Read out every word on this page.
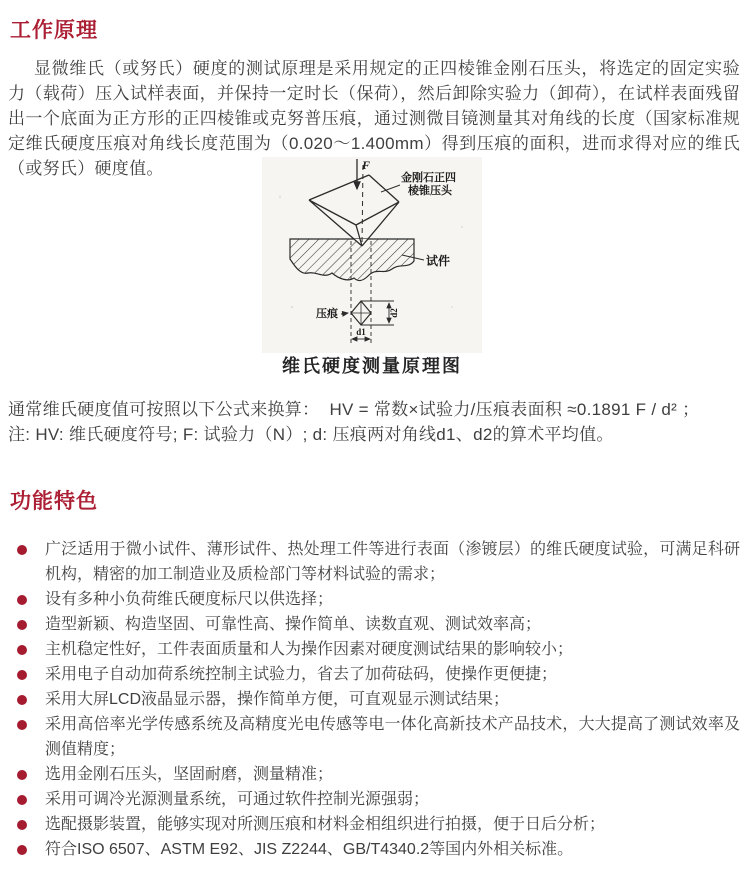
工作原理

显微维氏（或努氏）硬度的测试原理是采用规定的正四棱锥金刚石压头，将选定的固定实验力（载荷）压入试样表面，并保持一定时长（保荷），然后卸除实验力（卸荷），在试样表面残留出一个底面为正方形的正四棱锥或克努普压痕，通过测微目镜测量其对角线的长度（国家标准规定维氏硬度压痕对角线长度范围为（0.020～1.400mm）得到压痕的面积，进而求得对应的维氏（或努氏）硬度值。	F
金刚石正四
棱锥压头
试件
压痕	d2
d1
维氏硬度测量原理图
通常维氏硬度值可按照以下公式来换算：  HV = 常数×试验力/压痕表面积 ≈0.1891 F / d² ；
注: HV: 维氏硬度符号; F: 试验力（N）; d: 压痕两对角线d1、d2的算术平均值。
功能特色
广泛适用于微小试件、薄形试件、热处理工件等进行表面（渗镀层）的维氏硬度试验，可满足科研机构，精密的加工制造业及质检部门等材料试验的需求；
设有多种小负荷维氏硬度标尺以供选择；
造型新颖、构造坚固、可靠性高、操作简单、读数直观、测试效率高；
主机稳定性好，工件表面质量和人为操作因素对硬度测试结果的影响较小；
采用电子自动加荷系统控制主试验力，省去了加荷砝码，使操作更便捷；
采用大屏LCD液晶显示器，操作简单方便，可直观显示测试结果；
采用高倍率光学传感系统及高精度光电传感等电一体化高新技术产品技术，大大提高了测试效率及测值精度；
选用金刚石压头，坚固耐磨，测量精准；
采用可调冷光源测量系统，可通过软件控制光源强弱；
选配摄影装置，能够实现对所测压痕和材料金相组织进行拍摄，便于日后分析；
符合ISO 6507、ASTM E92、JIS Z2244、GB/T4340.2等国内外相关标准。
